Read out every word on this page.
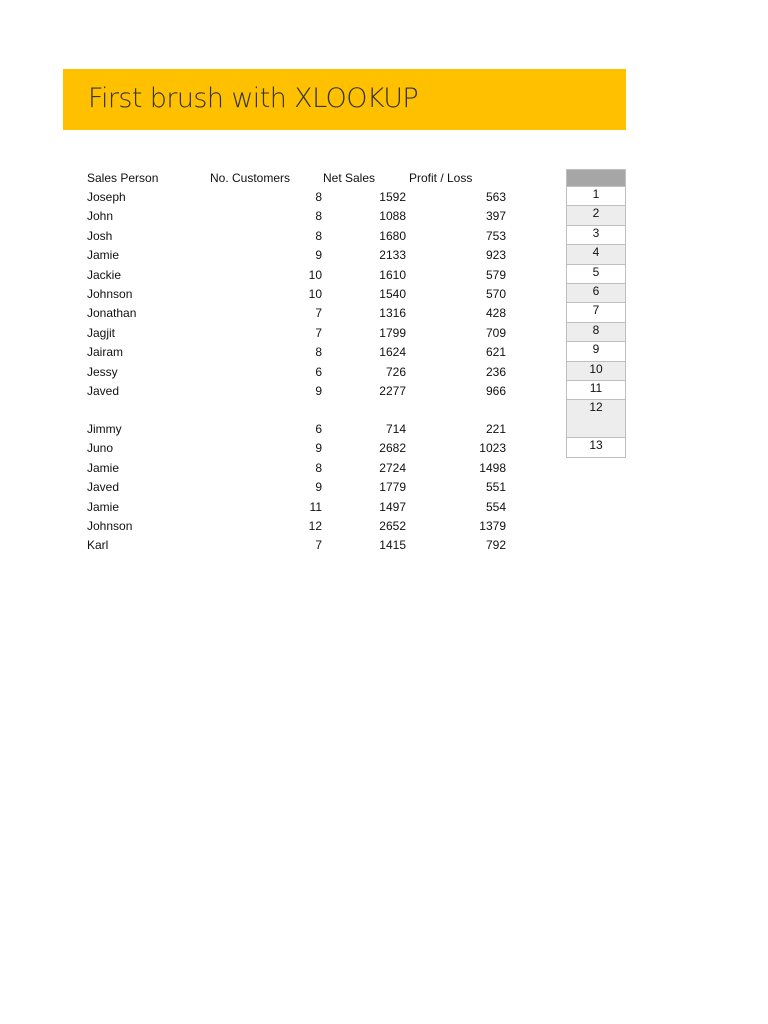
First brush with XLOOKUP
Sales Person	No. Customers	Net Sales	Profit / Loss
Joseph	8	1592	563
John	8	1088	397
Josh	8	1680	753
Jamie	9	2133	923
Jackie	10	1610	579
Johnson	10	1540	570
Jonathan	7	1316	428
Jagjit	7	1799	709
Jairam	8	1624	621
Jessy	6	726	236
Javed	9	2277	966
Jimmy	6	714	221
Juno	9	2682	1023
Jamie	8	2724	1498
Javed	9	1779	551
Jamie	11	1497	554
Johnson	12	2652	1379
Karl	7	1415	792
1
2
3
4
5
6
7
8
9
10
11
12
13
